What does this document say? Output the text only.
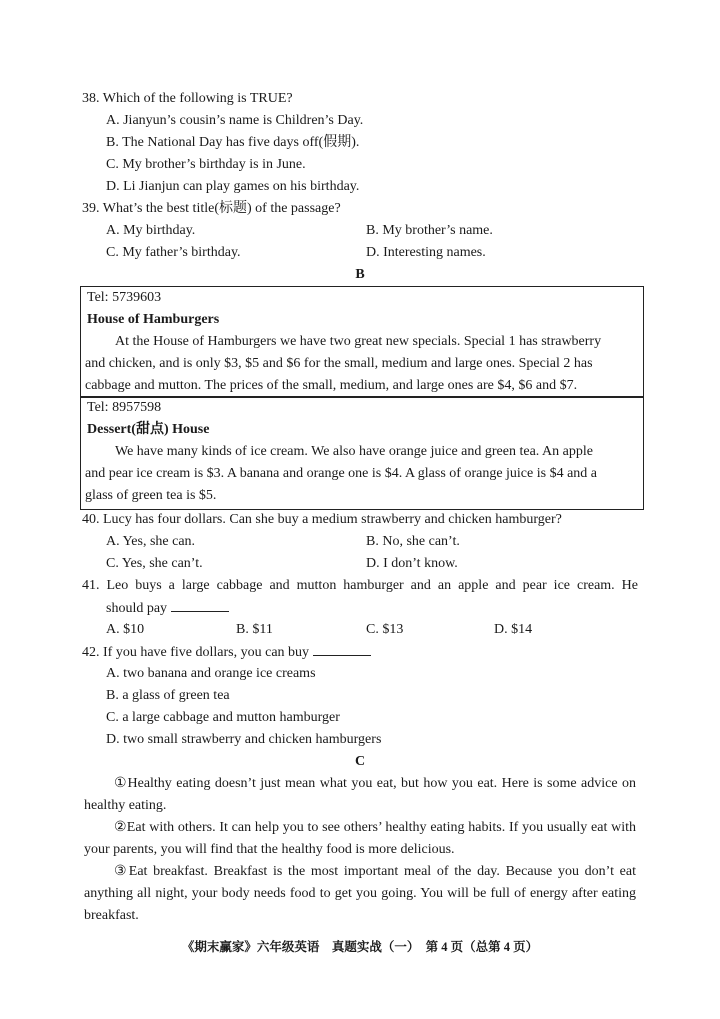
38. Which of the following is TRUE?
A. Jianyun’s cousin’s name is Children’s Day.
B. The National Day has five days off(假期).
C. My brother’s birthday is in June.
D. Li Jianjun can play games on his birthday.
39. What’s the best title(标题) of the passage?
A. My birthday.	B. My brother’s name.
C. My father’s birthday.	D. Interesting names.
B
Tel: 5739603
House of Hamburgers
At the House of Hamburgers we have two great new specials. Special 1 has strawberry
and chicken, and is only $3, $5 and $6 for the small, medium and large ones. Special 2 has
cabbage and mutton. The prices of the small, medium, and large ones are $4, $6 and $7.
Tel: 8957598
Dessert(甜点) House
We have many kinds of ice cream. We also have orange juice and green tea. An apple
and pear ice cream is $3. A banana and orange one is $4. A glass of orange juice is $4 and a
glass of green tea is $5.
40. Lucy has four dollars. Can she buy a medium strawberry and chicken hamburger?
A. Yes, she can.	B. No, she can’t.
C. Yes, she can’t.	D. I don’t know.
41. Leo buys a large cabbage and mutton hamburger and an apple and pear ice cream. He
should pay
A. $10	B. $11	C. $13	D. $14
42. If you have five dollars, you can buy
A. two banana and orange ice creams
B. a glass of green tea
C. a large cabbage and mutton hamburger
D. two small strawberry and chicken hamburgers
C
①Healthy eating doesn’t just mean what you eat, but how you eat. Here is some advice on healthy eating.
②Eat with others. It can help you to see others’ healthy eating habits. If you usually eat with your parents, you will find that the healthy food is more delicious.
③Eat breakfast. Breakfast is the most important meal of the day. Because you don’t eat anything all night, your body needs food to get you going. You will be full of energy after eating breakfast.
《期末赢家》六年级英语　真题实战（一）　第 4 页（总第 4 页）
